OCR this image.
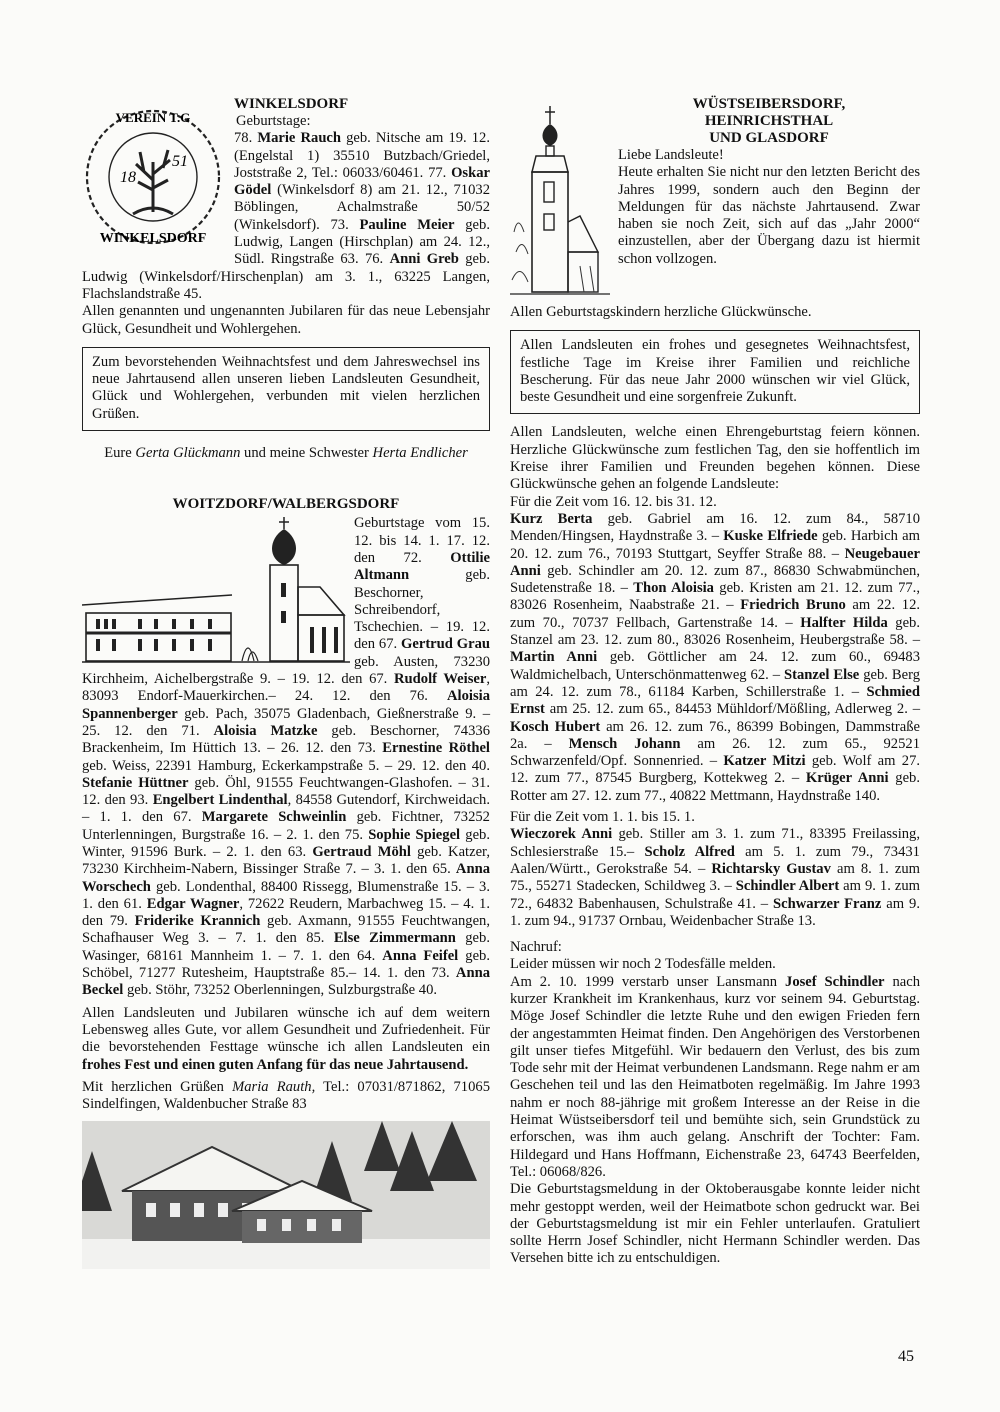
18
51
VEREIN T.G
WINKELSDORF
WINKELSDORF

Geburtstage:

78. Marie Rauch geb. Nitsche am 19. 12. (Engelstal 1) 35510 Butzbach/Griedel, Joststraße 2, Tel.: 06033/60461. 77. Oskar Gödel (Winkelsdorf 8) am 21. 12., 71032 Böblingen, Achalmstraße 50/52 (Winkelsdorf). 73. Pauline Meier geb. Ludwig, Langen (Hirschplan) am 24. 12., Südl. Ringstraße 63. 76. Anni Greb geb. Ludwig (Winkelsdorf/Hirschenplan) am 3. 1., 63225 Langen, Flachslandstraße 45.

Allen genannten und ungenannten Jubilaren für das neue Lebensjahr Glück, Gesundheit und Wohlergehen.

Zum bevorstehenden Weihnachtsfest und dem Jahreswechsel ins neue Jahrtausend allen unseren lieben Landsleuten Gesundheit, Glück und Wohlergehen, verbunden mit vielen herzlichen Grüßen.

Eure Gerta Glückmann und meine Schwester Herta Endlicher

WOITZDORF/WALBERGSDORF

Geburtstage vom 15. 12. bis 14. 1. 17. 12. den 72. Ottilie Altmann geb. Beschorner, Schreibendorf, Tschechien. – 19. 12. den 67. Gertrud Grau geb. Austen, 73230 Kirchheim, Aichelbergstraße 9. – 19. 12. den 67. Rudolf Weiser, 83093 Endorf-Mauerkirchen.– 24. 12. den 76. Aloisia Spannenberger geb. Pach, 35075 Gladenbach, Gießnerstraße 9. – 25. 12. den 71. Aloisia Matzke geb. Beschorner, 74336 Brackenheim, Im Hüttich 13. – 26. 12. den 73. Ernestine Röthel geb. Weiss, 22391 Hamburg, Eckerkampstraße 5. – 29. 12. den 40. Stefanie Hüttner geb. Öhl, 91555 Feuchtwangen-Glashofen. – 31. 12. den 93. Engelbert Lindenthal, 84558 Gutendorf, Kirchweidach. – 1. 1. den 67. Margarete Schweinlin geb. Fichtner, 73252 Unterlenningen, Burgstraße 16. – 2. 1. den 75. Sophie Spiegel geb. Winter, 91596 Burk. – 2. 1. den 63. Gertraud Möhl geb. Katzer, 73230 Kirchheim-Nabern, Bissinger Straße 7. – 3. 1. den 65. Anna Worschech geb. Londenthal, 88400 Rissegg, Blumenstraße 15. – 3. 1. den 61. Edgar Wagner, 72622 Reudern, Marbachweg 15. – 4. 1. den 79. Friderike Krannich geb. Axmann, 91555 Feuchtwangen, Schafhauser Weg 3. – 7. 1. den 85. Else Zimmermann geb. Wasinger, 68161 Mannheim 1. – 7. 1. den 64. Anna Feifel geb. Schöbel, 71277 Rutesheim, Hauptstraße 85.– 14. 1. den 73. Anna Beckel geb. Stöhr, 73252 Oberlenningen, Sulzburgstraße 40.

Allen Landsleuten und Jubilaren wünsche ich auf dem weitern Lebensweg alles Gute, vor allem Gesundheit und Zufriedenheit. Für die bevorstehenden Festtage wünsche ich allen Landsleuten ein frohes Fest und einen guten Anfang für das neue Jahrtausend.

Mit herzlichen Grüßen Maria Rauth, Tel.: 07031/871862, 71065 Sindelfingen, Waldenbucher Straße 83

WÜSTSEIBERSDORF,
HEINRICHSTHAL
UND GLASDORF

Liebe Landsleute!

Heute erhalten Sie nicht nur den letzten Bericht des Jahres 1999, sondern auch den Beginn der Meldungen für das nächste Jahrtausend. Zwar haben sie noch Zeit, sich auf das „Jahr 2000“ einzustellen, aber der Übergang dazu ist hiermit schon vollzogen.

Allen Geburtstagskindern herzliche Glückwünsche.

Allen Landsleuten ein frohes und gesegnetes Weihnachtsfest, festliche Tage im Kreise ihrer Familien und reichliche Bescherung. Für das neue Jahr 2000 wünschen wir viel Glück, beste Gesundheit und eine sorgenfreie Zukunft.

Allen Landsleuten, welche einen Ehrengeburtstag feiern können. Herzliche Glückwünsche zum festlichen Tag, den sie hoffentlich im Kreise ihrer Familien und Freunden begehen können. Diese Glückwünsche gehen an folgende Landsleute:

Für die Zeit vom 16. 12. bis 31. 12.

Kurz Berta geb. Gabriel am 16. 12. zum 84., 58710 Menden/Hingsen, Haydnstraße 3. – Kuske Elfriede geb. Harbich am 20. 12. zum 76., 70193 Stuttgart, Seyffer Straße 88. – Neugebauer Anni geb. Schindler am 20. 12. zum 87., 86830 Schwabmünchen, Sudetenstraße 18. – Thon Aloisia geb. Kristen am 21. 12. zum 77., 83026 Rosenheim, Naabstraße 21. – Friedrich Bruno am 22. 12. zum 70., 70737 Fellbach, Gartenstraße 14. – Halfter Hilda geb. Stanzel am 23. 12. zum 80., 83026 Rosenheim, Heubergstraße 58. – Martin Anni geb. Göttlicher am 24. 12. zum 60., 69483 Waldmichelbach, Unterschönmattenweg 62. – Stanzel Else geb. Berg am 24. 12. zum 78., 61184 Karben, Schillerstraße 1. – Schmied Ernst am 25. 12. zum 65., 84453 Mühldorf/Mößling, Adlerweg 2. – Kosch Hubert am 26. 12. zum 76., 86399 Bobingen, Dammstraße 2a. – Mensch Johann am 26. 12. zum 65., 92521 Schwarzenfeld/Opf. Sonnenried. – Katzer Mitzi geb. Wolf am 27. 12. zum 77., 87545 Burgberg, Kottekweg 2. – Krüger Anni geb. Rotter am 27. 12. zum 77., 40822 Mettmann, Haydnstraße 140.

Für die Zeit vom 1. 1. bis 15. 1.

Wieczorek Anni geb. Stiller am 3. 1. zum 71., 83395 Freilassing, Schlesierstraße 15.– Scholz Alfred am 5. 1. zum 79., 73431 Aalen/Württ., Gerokstraße 54. – Richtarsky Gustav am 8. 1. zum 75., 55271 Stadecken, Schildweg 3. – Schindler Albert am 9. 1. zum 72., 64832 Babenhausen, Schulstraße 41. – Schwarzer Franz am 9. 1. zum 94., 91737 Ornbau, Weidenbacher Straße 13.

Nachruf:

Leider müssen wir noch 2 Todesfälle melden.

Am 2. 10. 1999 verstarb unser Lansmann Josef Schindler nach kurzer Krankheit im Krankenhaus, kurz vor seinem 94. Geburtstag. Möge Josef Schindler die letzte Ruhe und den ewigen Frieden fern der angestammten Heimat finden. Den Angehörigen des Verstorbenen gilt unser tiefes Mitgefühl. Wir bedauern den Verlust, des bis zum Tode sehr mit der Heimat verbundenen Landsmann. Rege nahm er am Geschehen teil und las den Heimatboten regelmäßig. Im Jahre 1993 nahm er noch 88-jährige mit großem Interesse an der Reise in die Heimat Wüstseibersdorf teil und bemühte sich, sein Grundstück zu erforschen, was ihm auch gelang. Anschrift der Tochter: Fam. Hildegard und Hans Hoffmann, Eichenstraße 23, 64743 Beerfelden, Tel.: 06068/826.

Die Geburtstagsmeldung in der Oktoberausgabe konnte leider nicht mehr gestoppt werden, weil der Heimatbote schon gedruckt war. Bei der Geburtstagsmeldung ist mir ein Fehler unterlaufen. Gratuliert sollte Herrn Josef Schindler, nicht Hermann Schindler werden. Das Versehen bitte ich zu entschuldigen.

45
